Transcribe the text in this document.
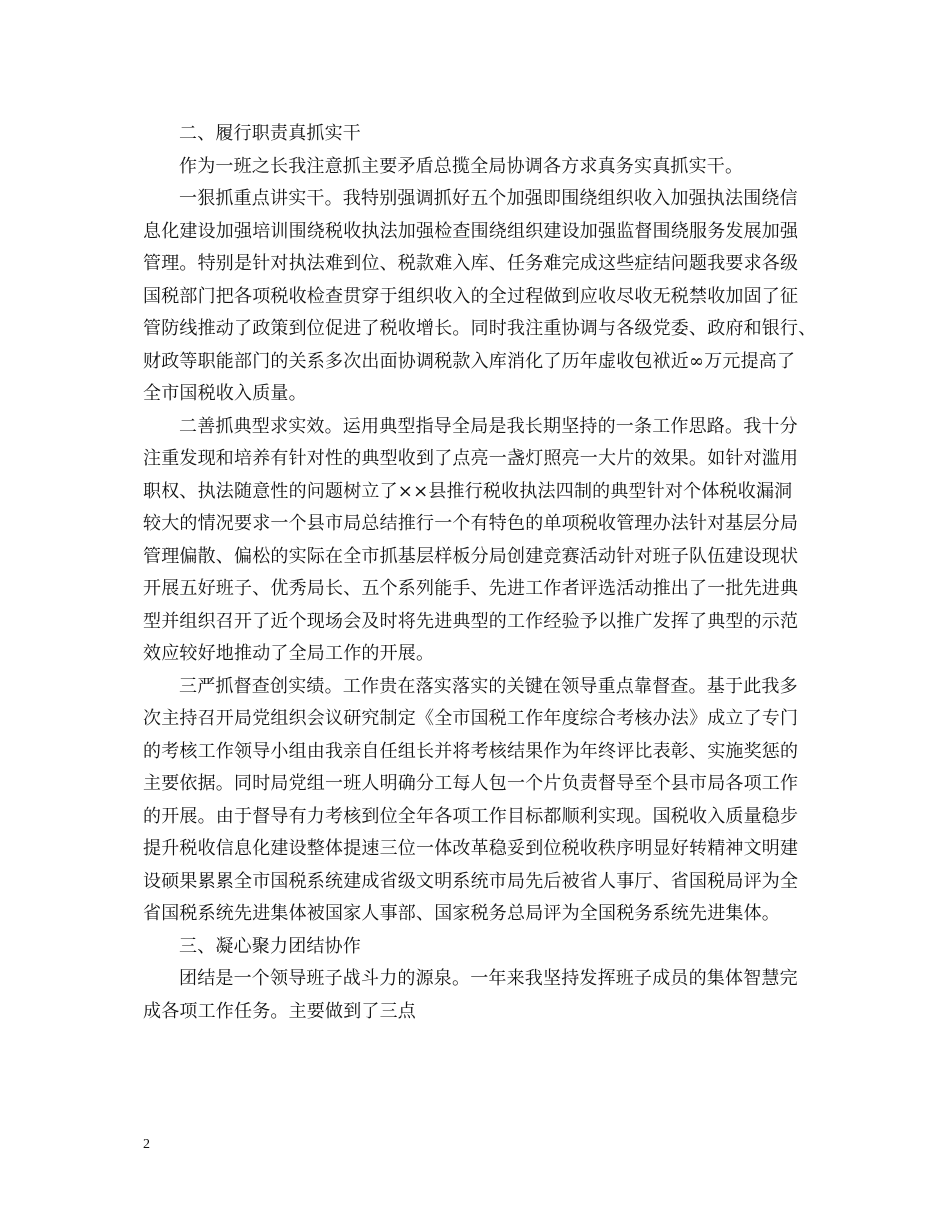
二、履行职责真抓实干
作为一班之长我注意抓主要矛盾总揽全局协调各方求真务实真抓实干。
一狠抓重点讲实干。我特别强调抓好五个加强即围绕组织收入加强执法围绕信
息化建设加强培训围绕税收执法加强检查围绕组织建设加强监督围绕服务发展加强
管理。特别是针对执法难到位、税款难入库、任务难完成这些症结问题我要求各级
国税部门把各项税收检查贯穿于组织收入的全过程做到应收尽收无税禁收加固了征
管防线推动了政策到位促进了税收增长。同时我注重协调与各级党委、政府和银行、
财政等职能部门的关系多次出面协调税款入库消化了历年虚收包袱近∞万元提高了
全市国税收入质量。
二善抓典型求实效。运用典型指导全局是我长期坚持的一条工作思路。我十分
注重发现和培养有针对性的典型收到了点亮一盏灯照亮一大片的效果。如针对滥用
职权、执法随意性的问题树立了××县推行税收执法四制的典型针对个体税收漏洞
较大的情况要求一个县市局总结推行一个有特色的单项税收管理办法针对基层分局
管理偏散、偏松的实际在全市抓基层样板分局创建竞赛活动针对班子队伍建设现状
开展五好班子、优秀局长、五个系列能手、先进工作者评选活动推出了一批先进典
型并组织召开了近个现场会及时将先进典型的工作经验予以推广发挥了典型的示范
效应较好地推动了全局工作的开展。
三严抓督查创实绩。工作贵在落实落实的关键在领导重点靠督查。基于此我多
次主持召开局党组织会议研究制定《全市国税工作年度综合考核办法》成立了专门
的考核工作领导小组由我亲自任组长并将考核结果作为年终评比表彰、实施奖惩的
主要依据。同时局党组一班人明确分工每人包一个片负责督导至个县市局各项工作
的开展。由于督导有力考核到位全年各项工作目标都顺利实现。国税收入质量稳步
提升税收信息化建设整体提速三位一体改革稳妥到位税收秩序明显好转精神文明建
设硕果累累全市国税系统建成省级文明系统市局先后被省人事厅、省国税局评为全
省国税系统先进集体被国家人事部、国家税务总局评为全国税务系统先进集体。
三、凝心聚力团结协作
团结是一个领导班子战斗力的源泉。一年来我坚持发挥班子成员的集体智慧完
成各项工作任务。主要做到了三点
2
